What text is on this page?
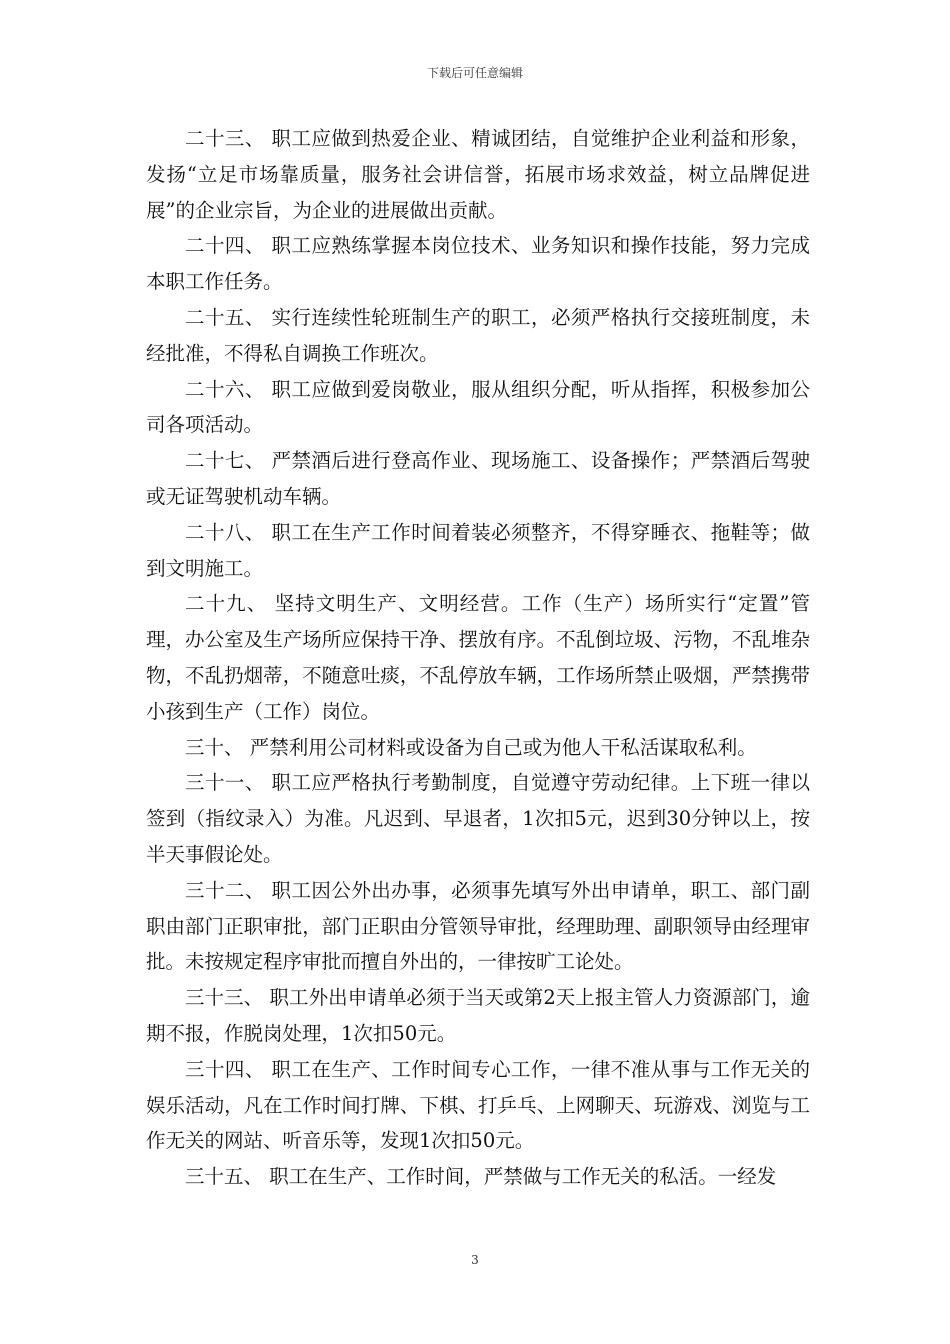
下载后可任意编辑

二十三、 职工应做到热爱企业、精诚团结，自觉维护企业利益和形象，发扬“立足市场靠质量，服务社会讲信誉，拓展市场求效益，树立品牌促进展”的企业宗旨，为企业的进展做出贡献。

二十四、 职工应熟练掌握本岗位技术、业务知识和操作技能，努力完成本职工作任务。

二十五、 实行连续性轮班制生产的职工，必须严格执行交接班制度，未经批准，不得私自调换工作班次。

二十六、 职工应做到爱岗敬业，服从组织分配，听从指挥，积极参加公司各项活动。

二十七、 严禁酒后进行登高作业、现场施工、设备操作；严禁酒后驾驶或无证驾驶机动车辆。

二十八、 职工在生产工作时间着装必须整齐，不得穿睡衣、拖鞋等；做到文明施工。

二十九、 坚持文明生产、文明经营。工作（生产）场所实行“定置”管理，办公室及生产场所应保持干净、摆放有序。不乱倒垃圾、污物，不乱堆杂物，不乱扔烟蒂，不随意吐痰，不乱停放车辆，工作场所禁止吸烟，严禁携带小孩到生产（工作）岗位。

三十、 严禁利用公司材料或设备为自己或为他人干私活谋取私利。

三十一、 职工应严格执行考勤制度，自觉遵守劳动纪律。上下班一律以签到（指纹录入）为准。凡迟到、早退者，1次扣5元，迟到30分钟以上，按半天事假论处。

三十二、 职工因公外出办事，必须事先填写外出申请单，职工、部门副职由部门正职审批，部门正职由分管领导审批，经理助理、副职领导由经理审批。未按规定程序审批而擅自外出的，一律按旷工论处。

三十三、 职工外出申请单必须于当天或第2天上报主管人力资源部门，逾期不报，作脱岗处理，1次扣50元。

三十四、 职工在生产、工作时间专心工作，一律不准从事与工作无关的娱乐活动，凡在工作时间打牌、下棋、打乒乓、上网聊天、玩游戏、浏览与工作无关的网站、听音乐等，发现1次扣50元。

三十五、 职工在生产、工作时间，严禁做与工作无关的私活。一经发

3
